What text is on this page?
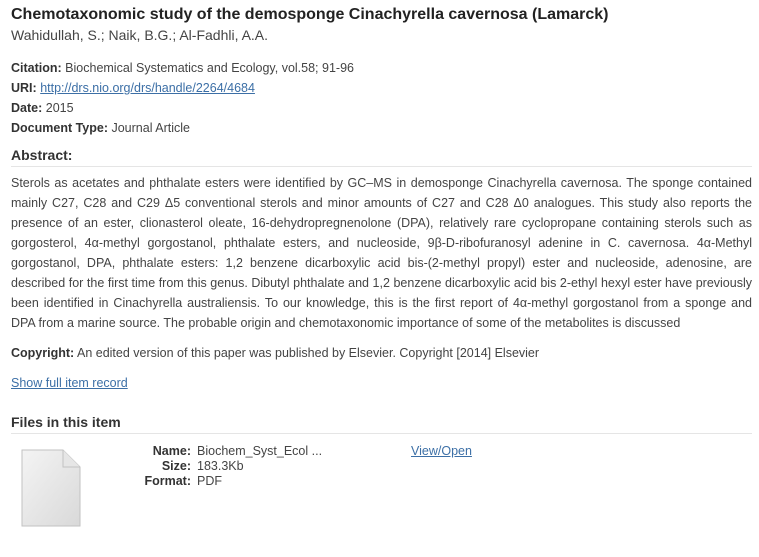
Chemotaxonomic study of the demosponge Cinachyrella cavernosa (Lamarck)
Wahidullah, S.; Naik, B.G.; Al-Fadhli, A.A.
Citation: Biochemical Systematics and Ecology, vol.58; 91-96
URI: http://drs.nio.org/drs/handle/2264/4684
Date: 2015
Document Type: Journal Article
Abstract:
Sterols as acetates and phthalate esters were identified by GC–MS in demosponge Cinachyrella cavernosa. The sponge contained mainly C27, C28 and C29 Δ5 conventional sterols and minor amounts of C27 and C28 Δ0 analogues. This study also reports the presence of an ester, clionasterol oleate, 16-dehydropregnenolone (DPA), relatively rare cyclopropane containing sterols such as gorgosterol, 4α-methyl gorgostanol, phthalate esters, and nucleoside, 9β-D-ribofuranosyl adenine in C. cavernosa. 4α-Methyl gorgostanol, DPA, phthalate esters: 1,2 benzene dicarboxylic acid bis-(2-methyl propyl) ester and nucleoside, adenosine, are described for the first time from this genus. Dibutyl phthalate and 1,2 benzene dicarboxylic acid bis 2-ethyl hexyl ester have previously been identified in Cinachyrella australiensis. To our knowledge, this is the first report of 4α-methyl gorgostanol from a sponge and DPA from a marine source. The probable origin and chemotaxonomic importance of some of the metabolites is discussed
Copyright: An edited version of this paper was published by Elsevier. Copyright [2014] Elsevier
Show full item record
Files in this item
Name: Biochem_Syst_Ecol ...
Size: 183.3Kb
Format: PDF
View/Open
